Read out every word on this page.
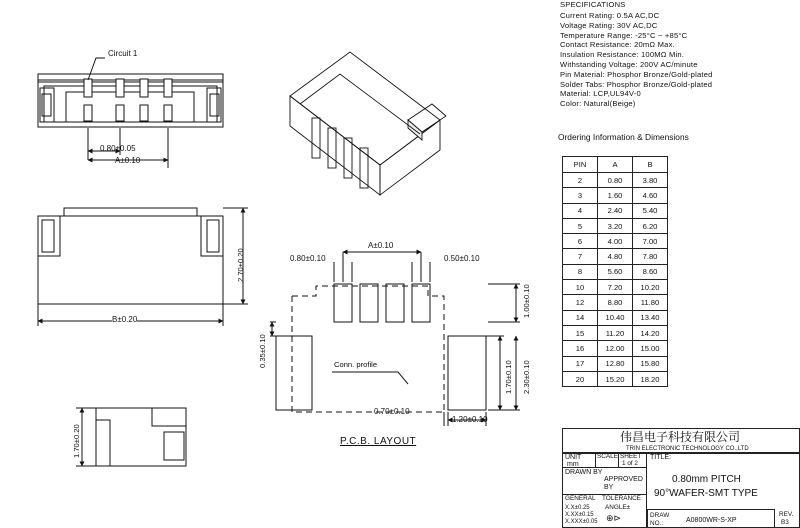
Circuit 1
0.80±0.05
A±0.10
B±0.20
2.70±0.20
1.70±0.20
A±0.10
0.80±0.10	0.50±0.10
1.00±0.10
0.35±0.10
1.70±0.10 2.30±0.10
0.70±0.10
1.20±0.10
Conn. profile
P.C.B. LAYOUT
SPECIFICATIONS
Current Rating: 0.5A AC,DC
Voltage Rating: 30V AC,DC
Temperature Range: -25°C ~ +85°C
Contact Resistance: 20mΩ Max.
Insulation Resistance: 100MΩ Min.
Withstanding Voltage: 200V AC/minute
Pin Material: Phosphor Bronze/Gold-plated
Solder Tabs: Phosphor Bronze/Gold-plated
Material: LCP,UL94V-0
Color: Natural(Beige)
Ordering Information & Dimensions
PIN	A	B
2	0.80	3.80
3	1.60	4.60
4	2.40	5.40
5	3.20	6.20
6	4.00	7.00
7	4.80	7.80
8	5.60	8.60
10	7.20	10.20
12	8.80	11.80
14	10.40	13.40
15	11.20	14.20
16	12.00	15.00
17	12.80	15.80
20	15.20	18.20
伟昌电子科技有限公司
TRIN ELECTRONIC TECHNOLOGY CO.,LTD
UNIT
mm
SCALE SHEET
1 of 2
TITLE:
0.80mm PITCH
90°WAFER-SMT TYPE
DRAWN BY
APPROVED BY
GENERAL TOLERANCE
X.X±0.25
X.XX±0.15
X.XXX±0.05
ANGLE±
⊕⊳	DRAW NO.:	A0800WR-S-XP
REV.
B3
